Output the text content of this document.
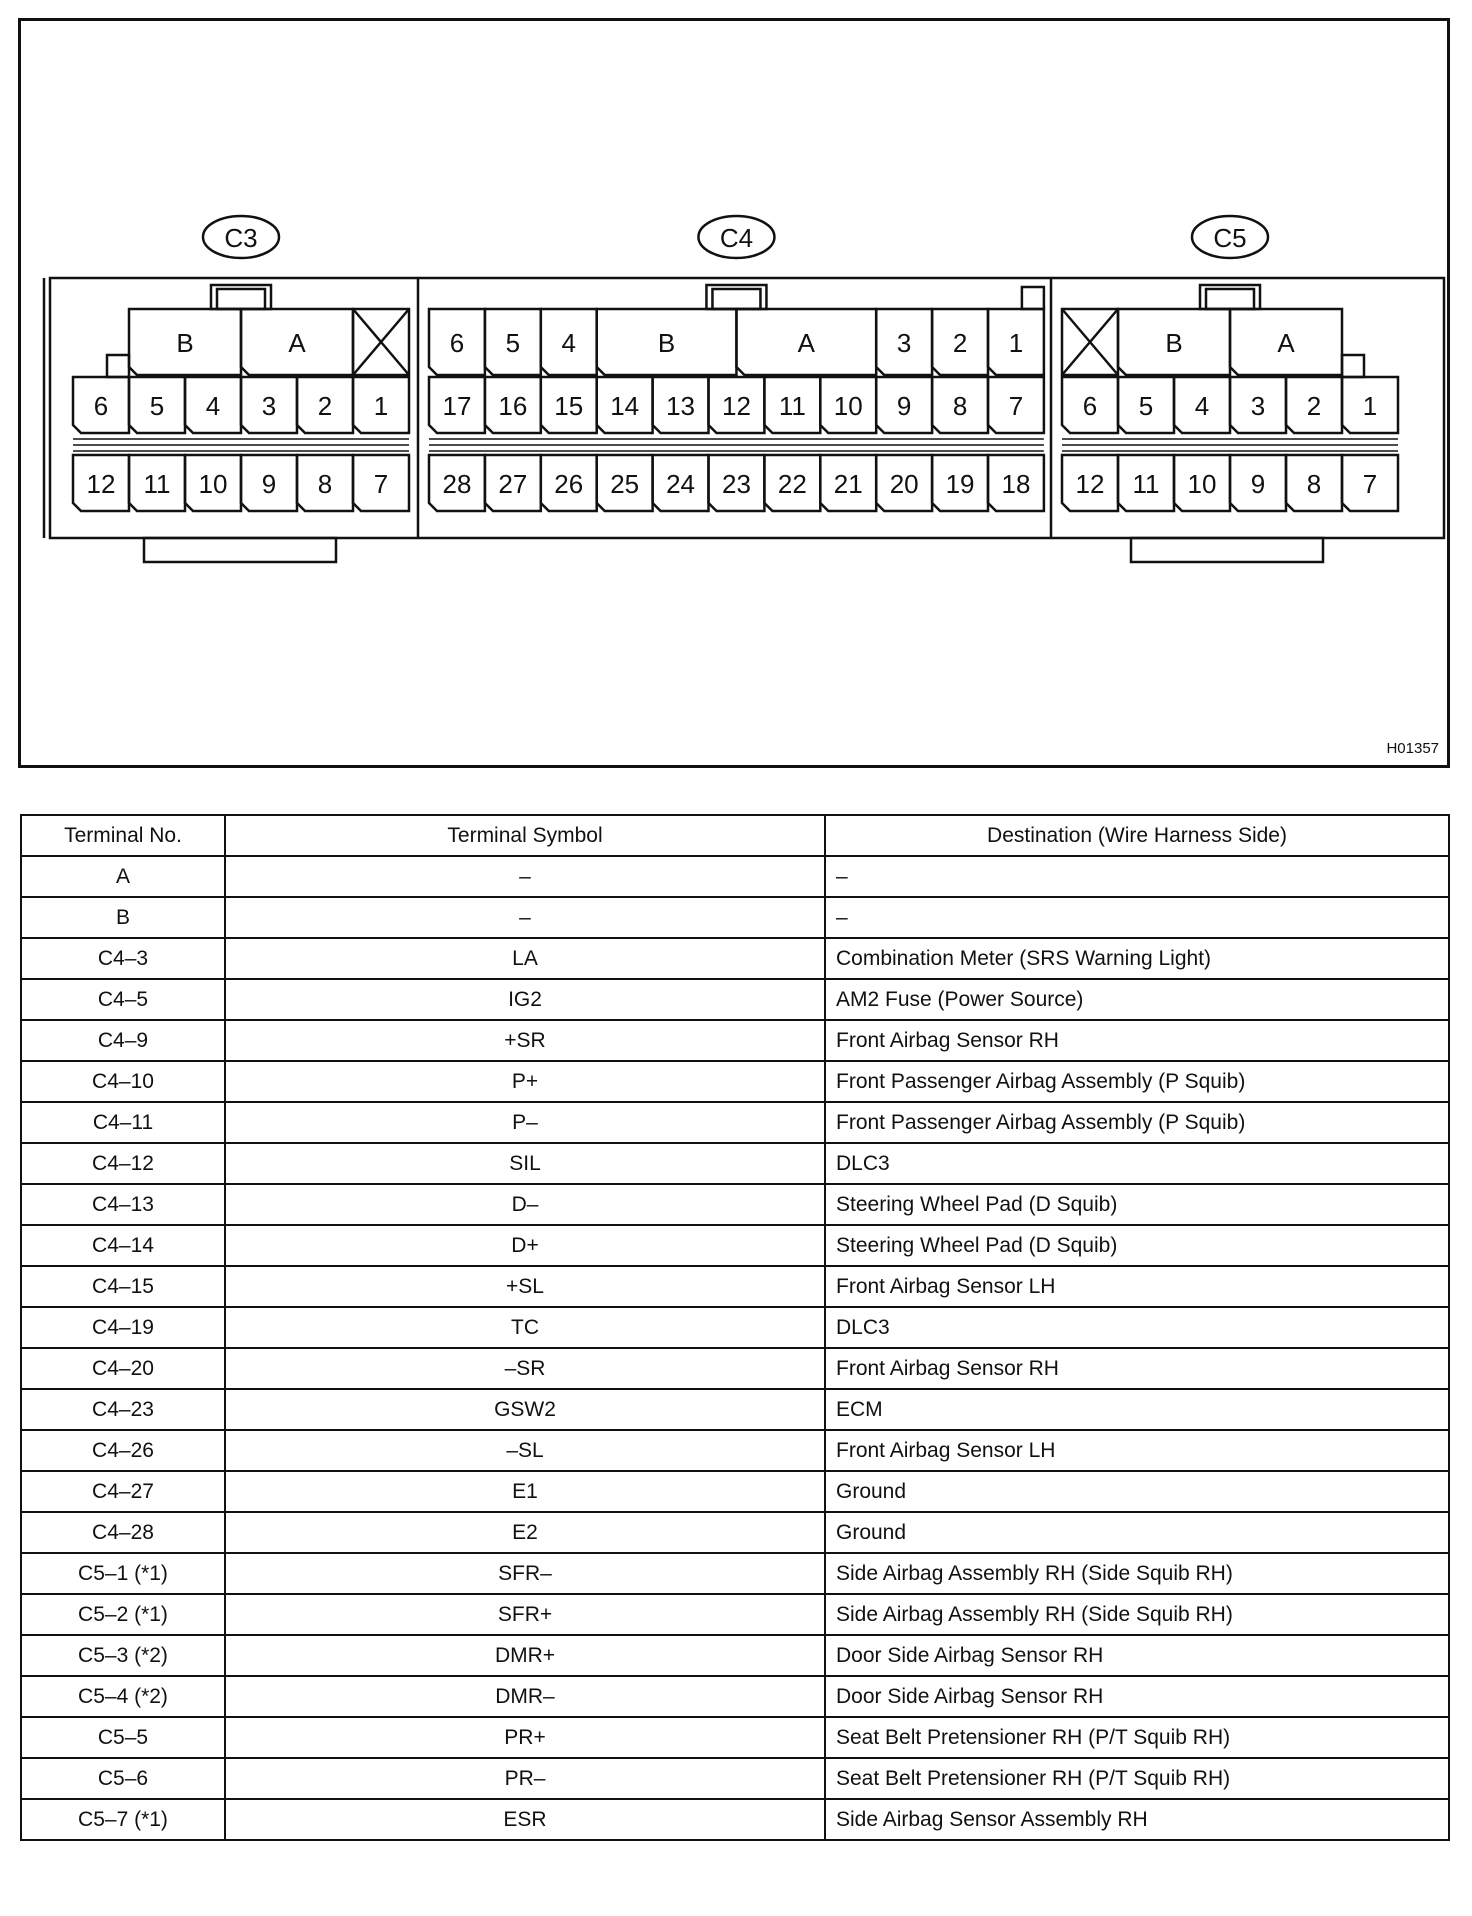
C3
6
12
5
11
4
10
3
9
2
8
1
7
B	A
C4
17
28
16
27
15
26
14
25
13
24
12
23
11
22
10
21
9
20
8
19
7
18
6 5 4	B	A	3 2 1
C5
6
12
5
11
4
10
3
9
2
8
1
7
B	A
H01357
Terminal No.	Terminal Symbol	Destination (Wire Harness Side)
A	–	–
B	–	–
C4–3	LA	Combination Meter (SRS Warning Light)
C4–5	IG2	AM2 Fuse (Power Source)
C4–9	+SR	Front Airbag Sensor RH
C4–10	P+	Front Passenger Airbag Assembly (P Squib)
C4–11	P–	Front Passenger Airbag Assembly (P Squib)
C4–12	SIL	DLC3
C4–13	D–	Steering Wheel Pad (D Squib)
C4–14	D+	Steering Wheel Pad (D Squib)
C4–15	+SL	Front Airbag Sensor LH
C4–19	TC	DLC3
C4–20	–SR	Front Airbag Sensor RH
C4–23	GSW2	ECM
C4–26	–SL	Front Airbag Sensor LH
C4–27	E1	Ground
C4–28	E2	Ground
C5–1 (*1)	SFR–	Side Airbag Assembly RH (Side Squib RH)
C5–2 (*1)	SFR+	Side Airbag Assembly RH (Side Squib RH)
C5–3 (*2)	DMR+	Door Side Airbag Sensor RH
C5–4 (*2)	DMR–	Door Side Airbag Sensor RH
C5–5	PR+	Seat Belt Pretensioner RH (P/T Squib RH)
C5–6	PR–	Seat Belt Pretensioner RH (P/T Squib RH)
C5–7 (*1)	ESR	Side Airbag Sensor Assembly RH
